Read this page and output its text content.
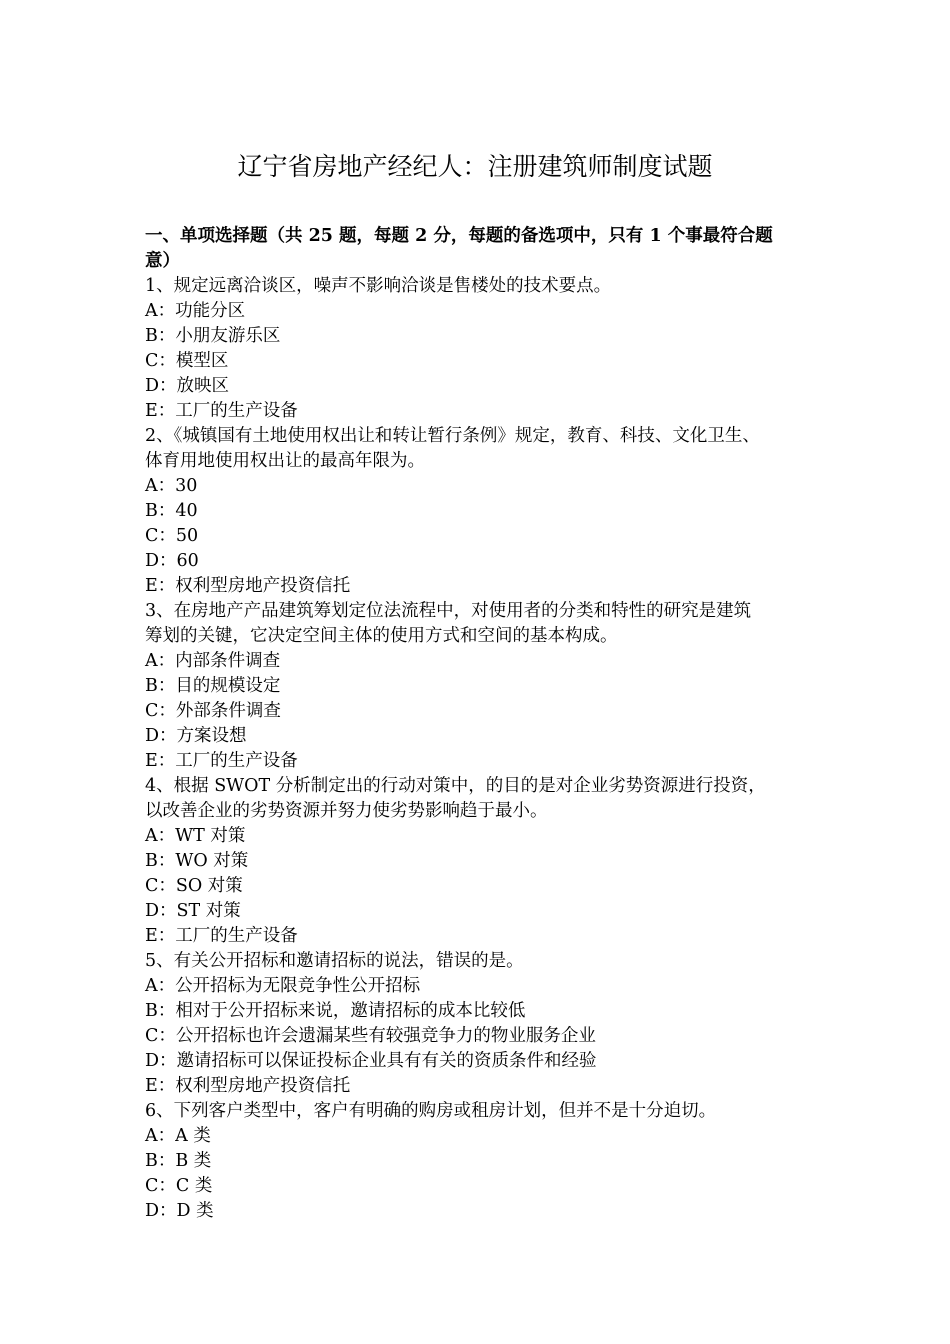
辽宁省房地产经纪人：注册建筑师制度试题

一、单项选择题（共 25 题，每题 2 分，每题的备选项中，只有 1 个事最符合题

意）

1、规定远离洽谈区，噪声不影响洽谈是售楼处的技术要点。

A：功能分区

B：小朋友游乐区

C：模型区

D：放映区

E：工厂的生产设备

2、《城镇国有土地使用权出让和转让暂行条例》规定，教育、科技、文化卫生、

体育用地使用权出让的最高年限为。

A：30

B：40

C：50

D：60

E：权利型房地产投资信托

3、在房地产产品建筑筹划定位法流程中，对使用者的分类和特性的研究是建筑

筹划的关键，它决定空间主体的使用方式和空间的基本构成。

A：内部条件调查

B：目的规模设定

C：外部条件调查

D：方案设想

E：工厂的生产设备

4、根据 SWOT 分析制定出的行动对策中，的目的是对企业劣势资源进行投资，

以改善企业的劣势资源并努力使劣势影响趋于最小。

A：WT 对策

B：WO 对策

C：SO 对策

D：ST 对策

E：工厂的生产设备

5、有关公开招标和邀请招标的说法，错误的是。

A：公开招标为无限竞争性公开招标

B：相对于公开招标来说，邀请招标的成本比较低

C：公开招标也许会遗漏某些有较强竞争力的物业服务企业

D：邀请招标可以保证投标企业具有有关的资质条件和经验

E：权利型房地产投资信托

6、下列客户类型中，客户有明确的购房或租房计划，但并不是十分迫切。

A：A 类

B：B 类

C：C 类

D：D 类
